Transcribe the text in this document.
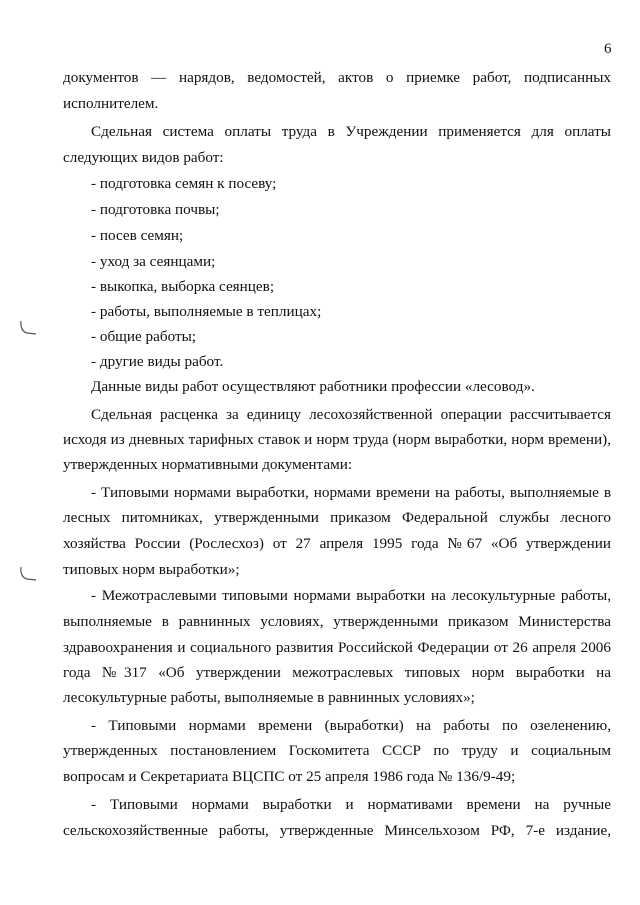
6
документов — нарядов, ведомостей, актов о приемке работ, подписанных
исполнителем.
Сдельная система оплаты труда в Учреждении применяется для оплаты
следующих видов работ:
- подготовка семян к посеву;
- подготовка почвы;
- посев семян;
- уход за сеянцами;
- выкопка, выборка сеянцев;
- работы, выполняемые в теплицах;
- общие работы;
- другие виды работ.
Данные виды работ осуществляют работники профессии «лесовод».
Сдельная расценка за единицу лесохозяйственной операции рассчитывается
исходя из дневных тарифных ставок и норм труда (норм выработки, норм времени),
утвержденных нормативными документами:
- Типовыми нормами выработки, нормами времени на работы, выполняемые в
лесных питомниках, утвержденными приказом Федеральной службы лесного
хозяйства России (Рослесхоз) от 27 апреля 1995 года №67 «Об утверждении
типовых норм выработки»;
- Межотраслевыми типовыми нормами выработки на лесокультурные работы,
выполняемые в равнинных условиях, утвержденными приказом Министерства
здравоохранения и социального развития Российской Федерации от 26 апреля 2006
года №317 «Об утверждении межотраслевых типовых норм выработки на
лесокультурные работы, выполняемые в равнинных условиях»;
- Типовыми нормами времени (выработки) на работы по озеленению,
утвержденных постановлением Госкомитета СССР по труду и социальным
вопросам и Секретариата ВЦСПС от 25 апреля 1986 года № 136/9-49;
- Типовыми нормами выработки и нормативами времени на ручные
сельскохозяйственные работы, утвержденные Минсельхозом РФ, 7-е издание,
